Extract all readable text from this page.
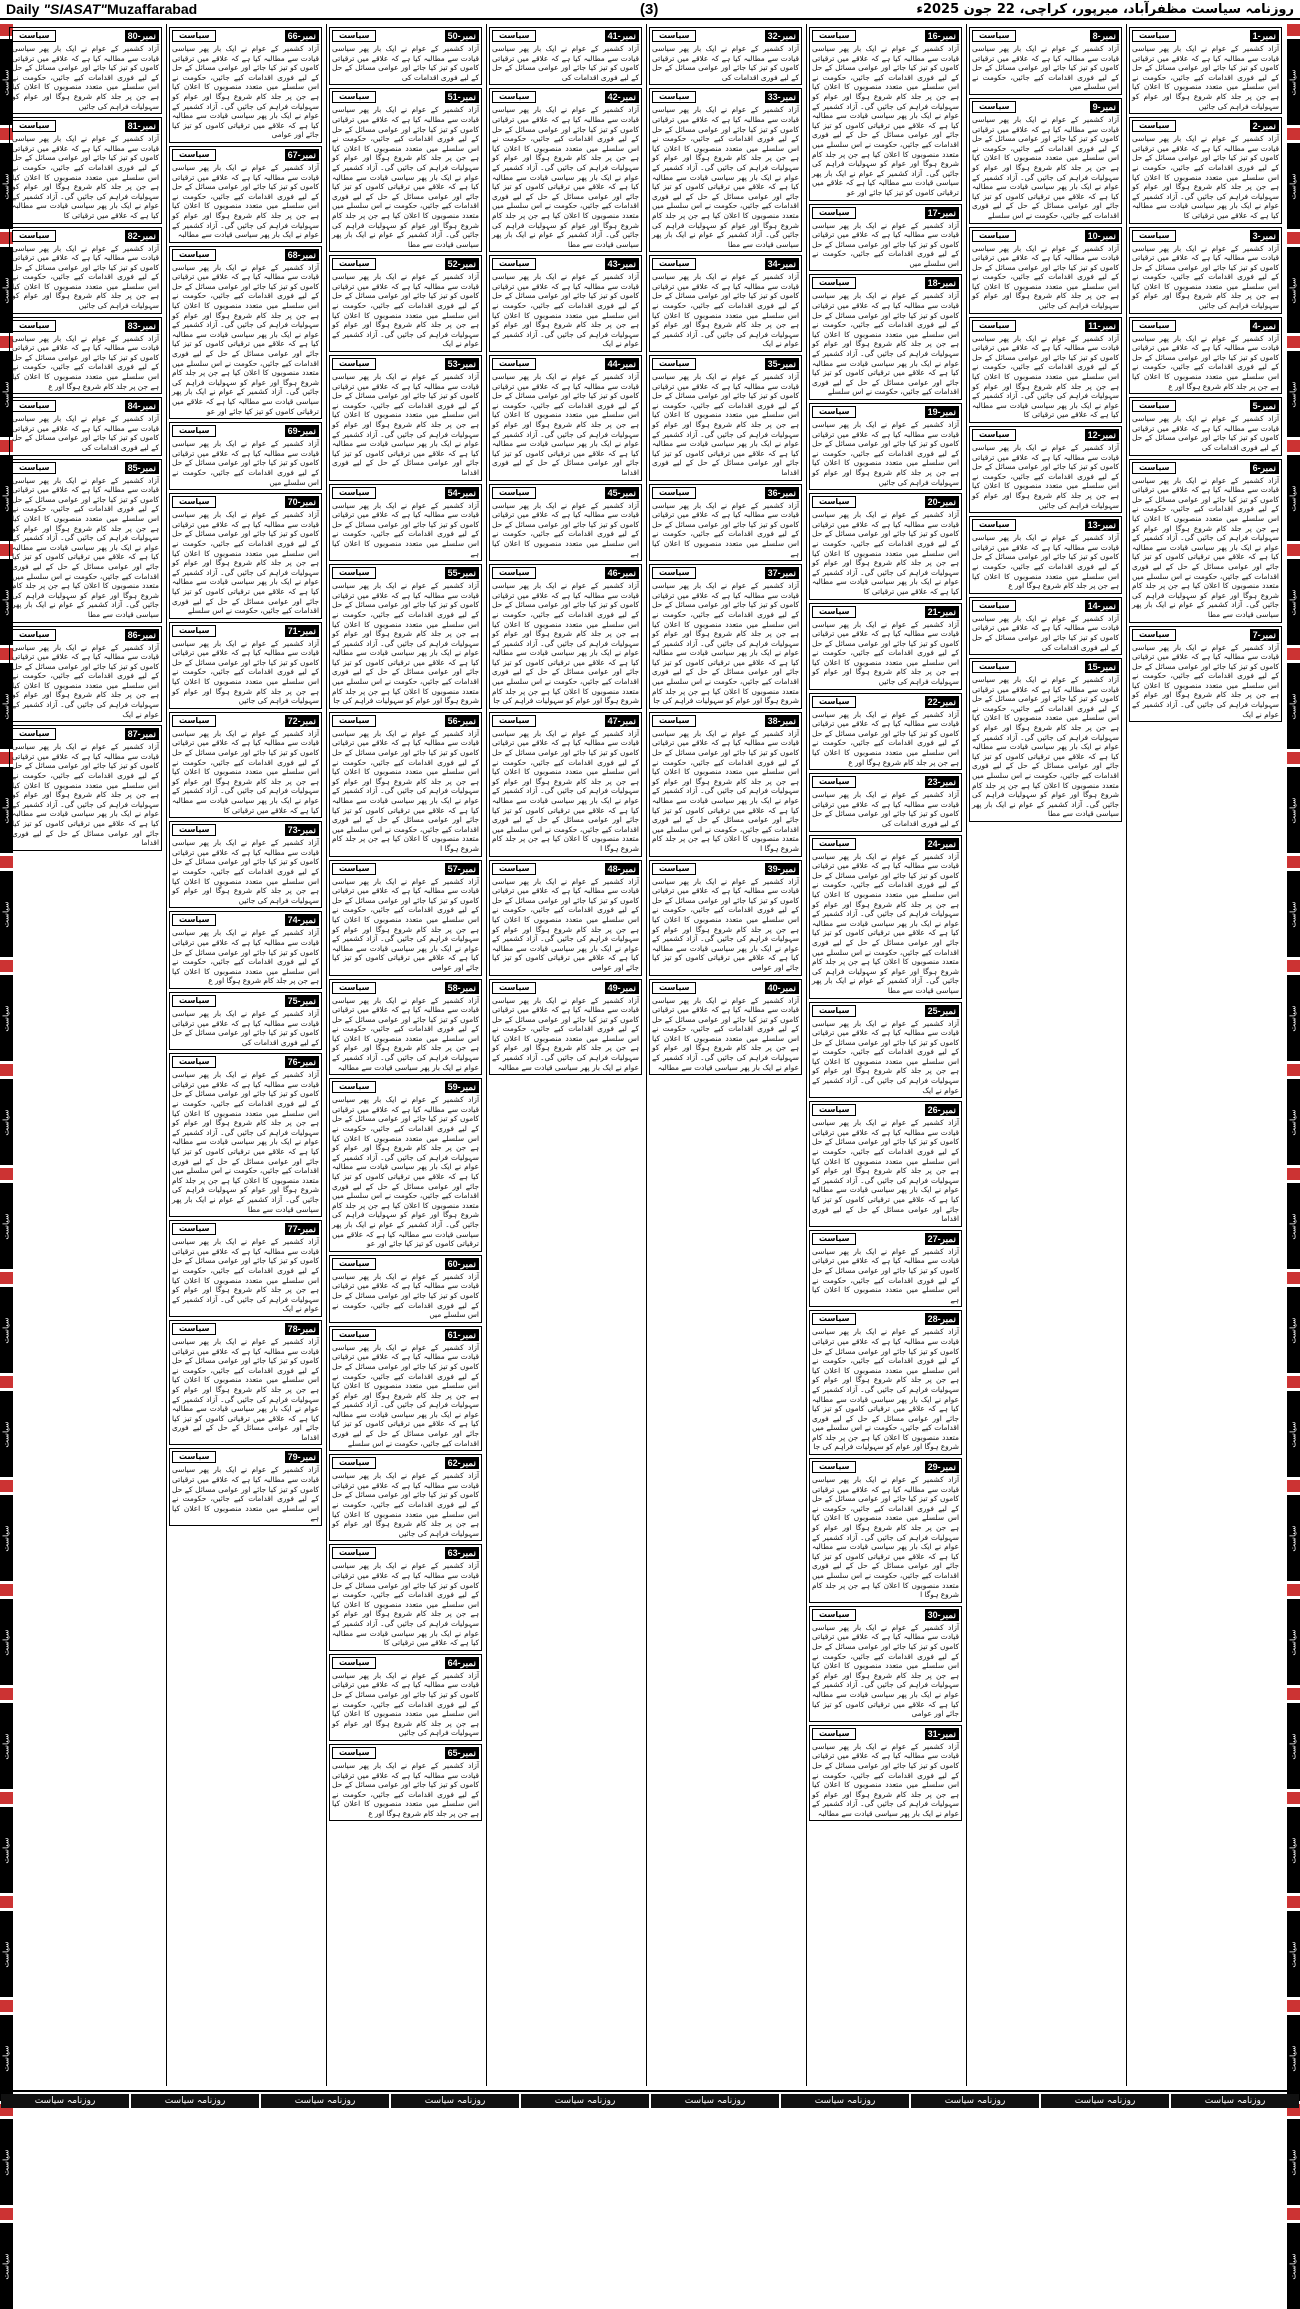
Daily "SIASAT"Muzaffarabad	(3)	روزنامہ سیاست مظفرآباد، میرپور، کراچی، 22 جون 2025ء
سیاست
سیاست
سیاست
سیاست
سیاست
سیاست
سیاست
سیاست
سیاست
سیاست
سیاست
سیاست
سیاست
سیاست
سیاست
سیاست
سیاست
سیاست
سیاست
سیاست
سیاست
سیاست
سیاست
سیاست
سیاست
سیاست
سیاست
سیاست
سیاست
سیاست
سیاست
سیاست
سیاست
سیاست
سیاست
سیاست
سیاست
سیاست
سیاست
سیاست
سیاست
سیاست
سیاست
سیاست
سیاست	نمبر-1
آزاد کشمیر کے عوام نے ایک بار پھر سیاسی قیادت سے مطالبہ کیا ہے کہ علاقے میں ترقیاتی کاموں کو تیز کیا جائے اور عوامی مسائل کے حل کے لیے فوری اقدامات کیے جائیں، حکومت نے اس سلسلے میں متعدد منصوبوں کا اعلان کیا ہے جن پر جلد کام شروع ہوگا اور عوام کو سہولیات فراہم کی جائیں
سیاست	نمبر-2
آزاد کشمیر کے عوام نے ایک بار پھر سیاسی قیادت سے مطالبہ کیا ہے کہ علاقے میں ترقیاتی کاموں کو تیز کیا جائے اور عوامی مسائل کے حل کے لیے فوری اقدامات کیے جائیں، حکومت نے اس سلسلے میں متعدد منصوبوں کا اعلان کیا ہے جن پر جلد کام شروع ہوگا اور عوام کو سہولیات فراہم کی جائیں گی۔ آزاد کشمیر کے عوام نے ایک بار پھر سیاسی قیادت سے مطالبہ کیا ہے کہ علاقے میں ترقیاتی کا
سیاست	نمبر-3
آزاد کشمیر کے عوام نے ایک بار پھر سیاسی قیادت سے مطالبہ کیا ہے کہ علاقے میں ترقیاتی کاموں کو تیز کیا جائے اور عوامی مسائل کے حل کے لیے فوری اقدامات کیے جائیں، حکومت نے اس سلسلے میں متعدد منصوبوں کا اعلان کیا ہے جن پر جلد کام شروع ہوگا اور عوام کو سہولیات فراہم کی جائیں
سیاست	نمبر-4
آزاد کشمیر کے عوام نے ایک بار پھر سیاسی قیادت سے مطالبہ کیا ہے کہ علاقے میں ترقیاتی کاموں کو تیز کیا جائے اور عوامی مسائل کے حل کے لیے فوری اقدامات کیے جائیں، حکومت نے اس سلسلے میں متعدد منصوبوں کا اعلان کیا ہے جن پر جلد کام شروع ہوگا اور ع
سیاست	نمبر-5
آزاد کشمیر کے عوام نے ایک بار پھر سیاسی قیادت سے مطالبہ کیا ہے کہ علاقے میں ترقیاتی کاموں کو تیز کیا جائے اور عوامی مسائل کے حل کے لیے فوری اقدامات کی
سیاست	نمبر-6
آزاد کشمیر کے عوام نے ایک بار پھر سیاسی قیادت سے مطالبہ کیا ہے کہ علاقے میں ترقیاتی کاموں کو تیز کیا جائے اور عوامی مسائل کے حل کے لیے فوری اقدامات کیے جائیں، حکومت نے اس سلسلے میں متعدد منصوبوں کا اعلان کیا ہے جن پر جلد کام شروع ہوگا اور عوام کو سہولیات فراہم کی جائیں گی۔ آزاد کشمیر کے عوام نے ایک بار پھر سیاسی قیادت سے مطالبہ کیا ہے کہ علاقے میں ترقیاتی کاموں کو تیز کیا جائے اور عوامی مسائل کے حل کے لیے فوری اقدامات کیے جائیں، حکومت نے اس سلسلے میں متعدد منصوبوں کا اعلان کیا ہے جن پر جلد کام شروع ہوگا اور عوام کو سہولیات فراہم کی جائیں گی۔ آزاد کشمیر کے عوام نے ایک بار پھر سیاسی قیادت سے مطا
سیاست	نمبر-7
آزاد کشمیر کے عوام نے ایک بار پھر سیاسی قیادت سے مطالبہ کیا ہے کہ علاقے میں ترقیاتی کاموں کو تیز کیا جائے اور عوامی مسائل کے حل کے لیے فوری اقدامات کیے جائیں، حکومت نے اس سلسلے میں متعدد منصوبوں کا اعلان کیا ہے جن پر جلد کام شروع ہوگا اور عوام کو سہولیات فراہم کی جائیں گی۔ آزاد کشمیر کے عوام نے ایک
سیاست	نمبر-8
آزاد کشمیر کے عوام نے ایک بار پھر سیاسی قیادت سے مطالبہ کیا ہے کہ علاقے میں ترقیاتی کاموں کو تیز کیا جائے اور عوامی مسائل کے حل کے لیے فوری اقدامات کیے جائیں، حکومت نے اس سلسلے میں
سیاست	نمبر-9
آزاد کشمیر کے عوام نے ایک بار پھر سیاسی قیادت سے مطالبہ کیا ہے کہ علاقے میں ترقیاتی کاموں کو تیز کیا جائے اور عوامی مسائل کے حل کے لیے فوری اقدامات کیے جائیں، حکومت نے اس سلسلے میں متعدد منصوبوں کا اعلان کیا ہے جن پر جلد کام شروع ہوگا اور عوام کو سہولیات فراہم کی جائیں گی۔ آزاد کشمیر کے عوام نے ایک بار پھر سیاسی قیادت سے مطالبہ کیا ہے کہ علاقے میں ترقیاتی کاموں کو تیز کیا جائے اور عوامی مسائل کے حل کے لیے فوری اقدامات کیے جائیں، حکومت نے اس سلسلے
سیاست	نمبر-10
آزاد کشمیر کے عوام نے ایک بار پھر سیاسی قیادت سے مطالبہ کیا ہے کہ علاقے میں ترقیاتی کاموں کو تیز کیا جائے اور عوامی مسائل کے حل کے لیے فوری اقدامات کیے جائیں، حکومت نے اس سلسلے میں متعدد منصوبوں کا اعلان کیا ہے جن پر جلد کام شروع ہوگا اور عوام کو سہولیات فراہم کی جائیں
سیاست	نمبر-11
آزاد کشمیر کے عوام نے ایک بار پھر سیاسی قیادت سے مطالبہ کیا ہے کہ علاقے میں ترقیاتی کاموں کو تیز کیا جائے اور عوامی مسائل کے حل کے لیے فوری اقدامات کیے جائیں، حکومت نے اس سلسلے میں متعدد منصوبوں کا اعلان کیا ہے جن پر جلد کام شروع ہوگا اور عوام کو سہولیات فراہم کی جائیں گی۔ آزاد کشمیر کے عوام نے ایک بار پھر سیاسی قیادت سے مطالبہ کیا ہے کہ علاقے میں ترقیاتی کا
سیاست	نمبر-12
آزاد کشمیر کے عوام نے ایک بار پھر سیاسی قیادت سے مطالبہ کیا ہے کہ علاقے میں ترقیاتی کاموں کو تیز کیا جائے اور عوامی مسائل کے حل کے لیے فوری اقدامات کیے جائیں، حکومت نے اس سلسلے میں متعدد منصوبوں کا اعلان کیا ہے جن پر جلد کام شروع ہوگا اور عوام کو سہولیات فراہم کی جائیں
سیاست	نمبر-13
آزاد کشمیر کے عوام نے ایک بار پھر سیاسی قیادت سے مطالبہ کیا ہے کہ علاقے میں ترقیاتی کاموں کو تیز کیا جائے اور عوامی مسائل کے حل کے لیے فوری اقدامات کیے جائیں، حکومت نے اس سلسلے میں متعدد منصوبوں کا اعلان کیا ہے جن پر جلد کام شروع ہوگا اور ع
سیاست	نمبر-14
آزاد کشمیر کے عوام نے ایک بار پھر سیاسی قیادت سے مطالبہ کیا ہے کہ علاقے میں ترقیاتی کاموں کو تیز کیا جائے اور عوامی مسائل کے حل کے لیے فوری اقدامات کی
سیاست	نمبر-15
آزاد کشمیر کے عوام نے ایک بار پھر سیاسی قیادت سے مطالبہ کیا ہے کہ علاقے میں ترقیاتی کاموں کو تیز کیا جائے اور عوامی مسائل کے حل کے لیے فوری اقدامات کیے جائیں، حکومت نے اس سلسلے میں متعدد منصوبوں کا اعلان کیا ہے جن پر جلد کام شروع ہوگا اور عوام کو سہولیات فراہم کی جائیں گی۔ آزاد کشمیر کے عوام نے ایک بار پھر سیاسی قیادت سے مطالبہ کیا ہے کہ علاقے میں ترقیاتی کاموں کو تیز کیا جائے اور عوامی مسائل کے حل کے لیے فوری اقدامات کیے جائیں، حکومت نے اس سلسلے میں متعدد منصوبوں کا اعلان کیا ہے جن پر جلد کام شروع ہوگا اور عوام کو سہولیات فراہم کی جائیں گی۔ آزاد کشمیر کے عوام نے ایک بار پھر سیاسی قیادت سے مطا
سیاست	نمبر-16
آزاد کشمیر کے عوام نے ایک بار پھر سیاسی قیادت سے مطالبہ کیا ہے کہ علاقے میں ترقیاتی کاموں کو تیز کیا جائے اور عوامی مسائل کے حل کے لیے فوری اقدامات کیے جائیں، حکومت نے اس سلسلے میں متعدد منصوبوں کا اعلان کیا ہے جن پر جلد کام شروع ہوگا اور عوام کو سہولیات فراہم کی جائیں گی۔ آزاد کشمیر کے عوام نے ایک بار پھر سیاسی قیادت سے مطالبہ کیا ہے کہ علاقے میں ترقیاتی کاموں کو تیز کیا جائے اور عوامی مسائل کے حل کے لیے فوری اقدامات کیے جائیں، حکومت نے اس سلسلے میں متعدد منصوبوں کا اعلان کیا ہے جن پر جلد کام شروع ہوگا اور عوام کو سہولیات فراہم کی جائیں گی۔ آزاد کشمیر کے عوام نے ایک بار پھر سیاسی قیادت سے مطالبہ کیا ہے کہ علاقے میں ترقیاتی کاموں کو تیز کیا جائے اور عو
سیاست	نمبر-17
آزاد کشمیر کے عوام نے ایک بار پھر سیاسی قیادت سے مطالبہ کیا ہے کہ علاقے میں ترقیاتی کاموں کو تیز کیا جائے اور عوامی مسائل کے حل کے لیے فوری اقدامات کیے جائیں، حکومت نے اس سلسلے میں
سیاست	نمبر-18
آزاد کشمیر کے عوام نے ایک بار پھر سیاسی قیادت سے مطالبہ کیا ہے کہ علاقے میں ترقیاتی کاموں کو تیز کیا جائے اور عوامی مسائل کے حل کے لیے فوری اقدامات کیے جائیں، حکومت نے اس سلسلے میں متعدد منصوبوں کا اعلان کیا ہے جن پر جلد کام شروع ہوگا اور عوام کو سہولیات فراہم کی جائیں گی۔ آزاد کشمیر کے عوام نے ایک بار پھر سیاسی قیادت سے مطالبہ کیا ہے کہ علاقے میں ترقیاتی کاموں کو تیز کیا جائے اور عوامی مسائل کے حل کے لیے فوری اقدامات کیے جائیں، حکومت نے اس سلسلے
سیاست	نمبر-19
آزاد کشمیر کے عوام نے ایک بار پھر سیاسی قیادت سے مطالبہ کیا ہے کہ علاقے میں ترقیاتی کاموں کو تیز کیا جائے اور عوامی مسائل کے حل کے لیے فوری اقدامات کیے جائیں، حکومت نے اس سلسلے میں متعدد منصوبوں کا اعلان کیا ہے جن پر جلد کام شروع ہوگا اور عوام کو سہولیات فراہم کی جائیں
سیاست	نمبر-20
آزاد کشمیر کے عوام نے ایک بار پھر سیاسی قیادت سے مطالبہ کیا ہے کہ علاقے میں ترقیاتی کاموں کو تیز کیا جائے اور عوامی مسائل کے حل کے لیے فوری اقدامات کیے جائیں، حکومت نے اس سلسلے میں متعدد منصوبوں کا اعلان کیا ہے جن پر جلد کام شروع ہوگا اور عوام کو سہولیات فراہم کی جائیں گی۔ آزاد کشمیر کے عوام نے ایک بار پھر سیاسی قیادت سے مطالبہ کیا ہے کہ علاقے میں ترقیاتی کا
سیاست	نمبر-21
آزاد کشمیر کے عوام نے ایک بار پھر سیاسی قیادت سے مطالبہ کیا ہے کہ علاقے میں ترقیاتی کاموں کو تیز کیا جائے اور عوامی مسائل کے حل کے لیے فوری اقدامات کیے جائیں، حکومت نے اس سلسلے میں متعدد منصوبوں کا اعلان کیا ہے جن پر جلد کام شروع ہوگا اور عوام کو سہولیات فراہم کی جائیں
سیاست	نمبر-22
آزاد کشمیر کے عوام نے ایک بار پھر سیاسی قیادت سے مطالبہ کیا ہے کہ علاقے میں ترقیاتی کاموں کو تیز کیا جائے اور عوامی مسائل کے حل کے لیے فوری اقدامات کیے جائیں، حکومت نے اس سلسلے میں متعدد منصوبوں کا اعلان کیا ہے جن پر جلد کام شروع ہوگا اور ع
سیاست	نمبر-23
آزاد کشمیر کے عوام نے ایک بار پھر سیاسی قیادت سے مطالبہ کیا ہے کہ علاقے میں ترقیاتی کاموں کو تیز کیا جائے اور عوامی مسائل کے حل کے لیے فوری اقدامات کی
سیاست	نمبر-24
آزاد کشمیر کے عوام نے ایک بار پھر سیاسی قیادت سے مطالبہ کیا ہے کہ علاقے میں ترقیاتی کاموں کو تیز کیا جائے اور عوامی مسائل کے حل کے لیے فوری اقدامات کیے جائیں، حکومت نے اس سلسلے میں متعدد منصوبوں کا اعلان کیا ہے جن پر جلد کام شروع ہوگا اور عوام کو سہولیات فراہم کی جائیں گی۔ آزاد کشمیر کے عوام نے ایک بار پھر سیاسی قیادت سے مطالبہ کیا ہے کہ علاقے میں ترقیاتی کاموں کو تیز کیا جائے اور عوامی مسائل کے حل کے لیے فوری اقدامات کیے جائیں، حکومت نے اس سلسلے میں متعدد منصوبوں کا اعلان کیا ہے جن پر جلد کام شروع ہوگا اور عوام کو سہولیات فراہم کی جائیں گی۔ آزاد کشمیر کے عوام نے ایک بار پھر سیاسی قیادت سے مطا
سیاست	نمبر-25
آزاد کشمیر کے عوام نے ایک بار پھر سیاسی قیادت سے مطالبہ کیا ہے کہ علاقے میں ترقیاتی کاموں کو تیز کیا جائے اور عوامی مسائل کے حل کے لیے فوری اقدامات کیے جائیں، حکومت نے اس سلسلے میں متعدد منصوبوں کا اعلان کیا ہے جن پر جلد کام شروع ہوگا اور عوام کو سہولیات فراہم کی جائیں گی۔ آزاد کشمیر کے عوام نے ایک
سیاست	نمبر-26
آزاد کشمیر کے عوام نے ایک بار پھر سیاسی قیادت سے مطالبہ کیا ہے کہ علاقے میں ترقیاتی کاموں کو تیز کیا جائے اور عوامی مسائل کے حل کے لیے فوری اقدامات کیے جائیں، حکومت نے اس سلسلے میں متعدد منصوبوں کا اعلان کیا ہے جن پر جلد کام شروع ہوگا اور عوام کو سہولیات فراہم کی جائیں گی۔ آزاد کشمیر کے عوام نے ایک بار پھر سیاسی قیادت سے مطالبہ کیا ہے کہ علاقے میں ترقیاتی کاموں کو تیز کیا جائے اور عوامی مسائل کے حل کے لیے فوری اقداما
سیاست	نمبر-27
آزاد کشمیر کے عوام نے ایک بار پھر سیاسی قیادت سے مطالبہ کیا ہے کہ علاقے میں ترقیاتی کاموں کو تیز کیا جائے اور عوامی مسائل کے حل کے لیے فوری اقدامات کیے جائیں، حکومت نے اس سلسلے میں متعدد منصوبوں کا اعلان کیا ہے
سیاست	نمبر-28
آزاد کشمیر کے عوام نے ایک بار پھر سیاسی قیادت سے مطالبہ کیا ہے کہ علاقے میں ترقیاتی کاموں کو تیز کیا جائے اور عوامی مسائل کے حل کے لیے فوری اقدامات کیے جائیں، حکومت نے اس سلسلے میں متعدد منصوبوں کا اعلان کیا ہے جن پر جلد کام شروع ہوگا اور عوام کو سہولیات فراہم کی جائیں گی۔ آزاد کشمیر کے عوام نے ایک بار پھر سیاسی قیادت سے مطالبہ کیا ہے کہ علاقے میں ترقیاتی کاموں کو تیز کیا جائے اور عوامی مسائل کے حل کے لیے فوری اقدامات کیے جائیں، حکومت نے اس سلسلے میں متعدد منصوبوں کا اعلان کیا ہے جن پر جلد کام شروع ہوگا اور عوام کو سہولیات فراہم کی جا
سیاست	نمبر-29
آزاد کشمیر کے عوام نے ایک بار پھر سیاسی قیادت سے مطالبہ کیا ہے کہ علاقے میں ترقیاتی کاموں کو تیز کیا جائے اور عوامی مسائل کے حل کے لیے فوری اقدامات کیے جائیں، حکومت نے اس سلسلے میں متعدد منصوبوں کا اعلان کیا ہے جن پر جلد کام شروع ہوگا اور عوام کو سہولیات فراہم کی جائیں گی۔ آزاد کشمیر کے عوام نے ایک بار پھر سیاسی قیادت سے مطالبہ کیا ہے کہ علاقے میں ترقیاتی کاموں کو تیز کیا جائے اور عوامی مسائل کے حل کے لیے فوری اقدامات کیے جائیں، حکومت نے اس سلسلے میں متعدد منصوبوں کا اعلان کیا ہے جن پر جلد کام شروع ہوگا ا
سیاست	نمبر-30
آزاد کشمیر کے عوام نے ایک بار پھر سیاسی قیادت سے مطالبہ کیا ہے کہ علاقے میں ترقیاتی کاموں کو تیز کیا جائے اور عوامی مسائل کے حل کے لیے فوری اقدامات کیے جائیں، حکومت نے اس سلسلے میں متعدد منصوبوں کا اعلان کیا ہے جن پر جلد کام شروع ہوگا اور عوام کو سہولیات فراہم کی جائیں گی۔ آزاد کشمیر کے عوام نے ایک بار پھر سیاسی قیادت سے مطالبہ کیا ہے کہ علاقے میں ترقیاتی کاموں کو تیز کیا جائے اور عوامی
سیاست	نمبر-31
آزاد کشمیر کے عوام نے ایک بار پھر سیاسی قیادت سے مطالبہ کیا ہے کہ علاقے میں ترقیاتی کاموں کو تیز کیا جائے اور عوامی مسائل کے حل کے لیے فوری اقدامات کیے جائیں، حکومت نے اس سلسلے میں متعدد منصوبوں کا اعلان کیا ہے جن پر جلد کام شروع ہوگا اور عوام کو سہولیات فراہم کی جائیں گی۔ آزاد کشمیر کے عوام نے ایک بار پھر سیاسی قیادت سے مطالبہ
سیاست	نمبر-32
آزاد کشمیر کے عوام نے ایک بار پھر سیاسی قیادت سے مطالبہ کیا ہے کہ علاقے میں ترقیاتی کاموں کو تیز کیا جائے اور عوامی مسائل کے حل کے لیے فوری اقدامات کی
سیاست	نمبر-33
آزاد کشمیر کے عوام نے ایک بار پھر سیاسی قیادت سے مطالبہ کیا ہے کہ علاقے میں ترقیاتی کاموں کو تیز کیا جائے اور عوامی مسائل کے حل کے لیے فوری اقدامات کیے جائیں، حکومت نے اس سلسلے میں متعدد منصوبوں کا اعلان کیا ہے جن پر جلد کام شروع ہوگا اور عوام کو سہولیات فراہم کی جائیں گی۔ آزاد کشمیر کے عوام نے ایک بار پھر سیاسی قیادت سے مطالبہ کیا ہے کہ علاقے میں ترقیاتی کاموں کو تیز کیا جائے اور عوامی مسائل کے حل کے لیے فوری اقدامات کیے جائیں، حکومت نے اس سلسلے میں متعدد منصوبوں کا اعلان کیا ہے جن پر جلد کام شروع ہوگا اور عوام کو سہولیات فراہم کی جائیں گی۔ آزاد کشمیر کے عوام نے ایک بار پھر سیاسی قیادت سے مطا
سیاست	نمبر-34
آزاد کشمیر کے عوام نے ایک بار پھر سیاسی قیادت سے مطالبہ کیا ہے کہ علاقے میں ترقیاتی کاموں کو تیز کیا جائے اور عوامی مسائل کے حل کے لیے فوری اقدامات کیے جائیں، حکومت نے اس سلسلے میں متعدد منصوبوں کا اعلان کیا ہے جن پر جلد کام شروع ہوگا اور عوام کو سہولیات فراہم کی جائیں گی۔ آزاد کشمیر کے عوام نے ایک
سیاست	نمبر-35
آزاد کشمیر کے عوام نے ایک بار پھر سیاسی قیادت سے مطالبہ کیا ہے کہ علاقے میں ترقیاتی کاموں کو تیز کیا جائے اور عوامی مسائل کے حل کے لیے فوری اقدامات کیے جائیں، حکومت نے اس سلسلے میں متعدد منصوبوں کا اعلان کیا ہے جن پر جلد کام شروع ہوگا اور عوام کو سہولیات فراہم کی جائیں گی۔ آزاد کشمیر کے عوام نے ایک بار پھر سیاسی قیادت سے مطالبہ کیا ہے کہ علاقے میں ترقیاتی کاموں کو تیز کیا جائے اور عوامی مسائل کے حل کے لیے فوری اقداما
سیاست	نمبر-36
آزاد کشمیر کے عوام نے ایک بار پھر سیاسی قیادت سے مطالبہ کیا ہے کہ علاقے میں ترقیاتی کاموں کو تیز کیا جائے اور عوامی مسائل کے حل کے لیے فوری اقدامات کیے جائیں، حکومت نے اس سلسلے میں متعدد منصوبوں کا اعلان کیا ہے
سیاست	نمبر-37
آزاد کشمیر کے عوام نے ایک بار پھر سیاسی قیادت سے مطالبہ کیا ہے کہ علاقے میں ترقیاتی کاموں کو تیز کیا جائے اور عوامی مسائل کے حل کے لیے فوری اقدامات کیے جائیں، حکومت نے اس سلسلے میں متعدد منصوبوں کا اعلان کیا ہے جن پر جلد کام شروع ہوگا اور عوام کو سہولیات فراہم کی جائیں گی۔ آزاد کشمیر کے عوام نے ایک بار پھر سیاسی قیادت سے مطالبہ کیا ہے کہ علاقے میں ترقیاتی کاموں کو تیز کیا جائے اور عوامی مسائل کے حل کے لیے فوری اقدامات کیے جائیں، حکومت نے اس سلسلے میں متعدد منصوبوں کا اعلان کیا ہے جن پر جلد کام شروع ہوگا اور عوام کو سہولیات فراہم کی جا
سیاست	نمبر-38
آزاد کشمیر کے عوام نے ایک بار پھر سیاسی قیادت سے مطالبہ کیا ہے کہ علاقے میں ترقیاتی کاموں کو تیز کیا جائے اور عوامی مسائل کے حل کے لیے فوری اقدامات کیے جائیں، حکومت نے اس سلسلے میں متعدد منصوبوں کا اعلان کیا ہے جن پر جلد کام شروع ہوگا اور عوام کو سہولیات فراہم کی جائیں گی۔ آزاد کشمیر کے عوام نے ایک بار پھر سیاسی قیادت سے مطالبہ کیا ہے کہ علاقے میں ترقیاتی کاموں کو تیز کیا جائے اور عوامی مسائل کے حل کے لیے فوری اقدامات کیے جائیں، حکومت نے اس سلسلے میں متعدد منصوبوں کا اعلان کیا ہے جن پر جلد کام شروع ہوگا ا
سیاست	نمبر-39
آزاد کشمیر کے عوام نے ایک بار پھر سیاسی قیادت سے مطالبہ کیا ہے کہ علاقے میں ترقیاتی کاموں کو تیز کیا جائے اور عوامی مسائل کے حل کے لیے فوری اقدامات کیے جائیں، حکومت نے اس سلسلے میں متعدد منصوبوں کا اعلان کیا ہے جن پر جلد کام شروع ہوگا اور عوام کو سہولیات فراہم کی جائیں گی۔ آزاد کشمیر کے عوام نے ایک بار پھر سیاسی قیادت سے مطالبہ کیا ہے کہ علاقے میں ترقیاتی کاموں کو تیز کیا جائے اور عوامی
سیاست	نمبر-40
آزاد کشمیر کے عوام نے ایک بار پھر سیاسی قیادت سے مطالبہ کیا ہے کہ علاقے میں ترقیاتی کاموں کو تیز کیا جائے اور عوامی مسائل کے حل کے لیے فوری اقدامات کیے جائیں، حکومت نے اس سلسلے میں متعدد منصوبوں کا اعلان کیا ہے جن پر جلد کام شروع ہوگا اور عوام کو سہولیات فراہم کی جائیں گی۔ آزاد کشمیر کے عوام نے ایک بار پھر سیاسی قیادت سے مطالبہ
سیاست	نمبر-41
آزاد کشمیر کے عوام نے ایک بار پھر سیاسی قیادت سے مطالبہ کیا ہے کہ علاقے میں ترقیاتی کاموں کو تیز کیا جائے اور عوامی مسائل کے حل کے لیے فوری اقدامات کی
سیاست	نمبر-42
آزاد کشمیر کے عوام نے ایک بار پھر سیاسی قیادت سے مطالبہ کیا ہے کہ علاقے میں ترقیاتی کاموں کو تیز کیا جائے اور عوامی مسائل کے حل کے لیے فوری اقدامات کیے جائیں، حکومت نے اس سلسلے میں متعدد منصوبوں کا اعلان کیا ہے جن پر جلد کام شروع ہوگا اور عوام کو سہولیات فراہم کی جائیں گی۔ آزاد کشمیر کے عوام نے ایک بار پھر سیاسی قیادت سے مطالبہ کیا ہے کہ علاقے میں ترقیاتی کاموں کو تیز کیا جائے اور عوامی مسائل کے حل کے لیے فوری اقدامات کیے جائیں، حکومت نے اس سلسلے میں متعدد منصوبوں کا اعلان کیا ہے جن پر جلد کام شروع ہوگا اور عوام کو سہولیات فراہم کی جائیں گی۔ آزاد کشمیر کے عوام نے ایک بار پھر سیاسی قیادت سے مطا
سیاست	نمبر-43
آزاد کشمیر کے عوام نے ایک بار پھر سیاسی قیادت سے مطالبہ کیا ہے کہ علاقے میں ترقیاتی کاموں کو تیز کیا جائے اور عوامی مسائل کے حل کے لیے فوری اقدامات کیے جائیں، حکومت نے اس سلسلے میں متعدد منصوبوں کا اعلان کیا ہے جن پر جلد کام شروع ہوگا اور عوام کو سہولیات فراہم کی جائیں گی۔ آزاد کشمیر کے عوام نے ایک
سیاست	نمبر-44
آزاد کشمیر کے عوام نے ایک بار پھر سیاسی قیادت سے مطالبہ کیا ہے کہ علاقے میں ترقیاتی کاموں کو تیز کیا جائے اور عوامی مسائل کے حل کے لیے فوری اقدامات کیے جائیں، حکومت نے اس سلسلے میں متعدد منصوبوں کا اعلان کیا ہے جن پر جلد کام شروع ہوگا اور عوام کو سہولیات فراہم کی جائیں گی۔ آزاد کشمیر کے عوام نے ایک بار پھر سیاسی قیادت سے مطالبہ کیا ہے کہ علاقے میں ترقیاتی کاموں کو تیز کیا جائے اور عوامی مسائل کے حل کے لیے فوری اقداما
سیاست	نمبر-45
آزاد کشمیر کے عوام نے ایک بار پھر سیاسی قیادت سے مطالبہ کیا ہے کہ علاقے میں ترقیاتی کاموں کو تیز کیا جائے اور عوامی مسائل کے حل کے لیے فوری اقدامات کیے جائیں، حکومت نے اس سلسلے میں متعدد منصوبوں کا اعلان کیا ہے
سیاست	نمبر-46
آزاد کشمیر کے عوام نے ایک بار پھر سیاسی قیادت سے مطالبہ کیا ہے کہ علاقے میں ترقیاتی کاموں کو تیز کیا جائے اور عوامی مسائل کے حل کے لیے فوری اقدامات کیے جائیں، حکومت نے اس سلسلے میں متعدد منصوبوں کا اعلان کیا ہے جن پر جلد کام شروع ہوگا اور عوام کو سہولیات فراہم کی جائیں گی۔ آزاد کشمیر کے عوام نے ایک بار پھر سیاسی قیادت سے مطالبہ کیا ہے کہ علاقے میں ترقیاتی کاموں کو تیز کیا جائے اور عوامی مسائل کے حل کے لیے فوری اقدامات کیے جائیں، حکومت نے اس سلسلے میں متعدد منصوبوں کا اعلان کیا ہے جن پر جلد کام شروع ہوگا اور عوام کو سہولیات فراہم کی جا
سیاست	نمبر-47
آزاد کشمیر کے عوام نے ایک بار پھر سیاسی قیادت سے مطالبہ کیا ہے کہ علاقے میں ترقیاتی کاموں کو تیز کیا جائے اور عوامی مسائل کے حل کے لیے فوری اقدامات کیے جائیں، حکومت نے اس سلسلے میں متعدد منصوبوں کا اعلان کیا ہے جن پر جلد کام شروع ہوگا اور عوام کو سہولیات فراہم کی جائیں گی۔ آزاد کشمیر کے عوام نے ایک بار پھر سیاسی قیادت سے مطالبہ کیا ہے کہ علاقے میں ترقیاتی کاموں کو تیز کیا جائے اور عوامی مسائل کے حل کے لیے فوری اقدامات کیے جائیں، حکومت نے اس سلسلے میں متعدد منصوبوں کا اعلان کیا ہے جن پر جلد کام شروع ہوگا ا
سیاست	نمبر-48
آزاد کشمیر کے عوام نے ایک بار پھر سیاسی قیادت سے مطالبہ کیا ہے کہ علاقے میں ترقیاتی کاموں کو تیز کیا جائے اور عوامی مسائل کے حل کے لیے فوری اقدامات کیے جائیں، حکومت نے اس سلسلے میں متعدد منصوبوں کا اعلان کیا ہے جن پر جلد کام شروع ہوگا اور عوام کو سہولیات فراہم کی جائیں گی۔ آزاد کشمیر کے عوام نے ایک بار پھر سیاسی قیادت سے مطالبہ کیا ہے کہ علاقے میں ترقیاتی کاموں کو تیز کیا جائے اور عوامی
سیاست	نمبر-49
آزاد کشمیر کے عوام نے ایک بار پھر سیاسی قیادت سے مطالبہ کیا ہے کہ علاقے میں ترقیاتی کاموں کو تیز کیا جائے اور عوامی مسائل کے حل کے لیے فوری اقدامات کیے جائیں، حکومت نے اس سلسلے میں متعدد منصوبوں کا اعلان کیا ہے جن پر جلد کام شروع ہوگا اور عوام کو سہولیات فراہم کی جائیں گی۔ آزاد کشمیر کے عوام نے ایک بار پھر سیاسی قیادت سے مطالبہ
سیاست	نمبر-50
آزاد کشمیر کے عوام نے ایک بار پھر سیاسی قیادت سے مطالبہ کیا ہے کہ علاقے میں ترقیاتی کاموں کو تیز کیا جائے اور عوامی مسائل کے حل کے لیے فوری اقدامات کی
سیاست	نمبر-51
آزاد کشمیر کے عوام نے ایک بار پھر سیاسی قیادت سے مطالبہ کیا ہے کہ علاقے میں ترقیاتی کاموں کو تیز کیا جائے اور عوامی مسائل کے حل کے لیے فوری اقدامات کیے جائیں، حکومت نے اس سلسلے میں متعدد منصوبوں کا اعلان کیا ہے جن پر جلد کام شروع ہوگا اور عوام کو سہولیات فراہم کی جائیں گی۔ آزاد کشمیر کے عوام نے ایک بار پھر سیاسی قیادت سے مطالبہ کیا ہے کہ علاقے میں ترقیاتی کاموں کو تیز کیا جائے اور عوامی مسائل کے حل کے لیے فوری اقدامات کیے جائیں، حکومت نے اس سلسلے میں متعدد منصوبوں کا اعلان کیا ہے جن پر جلد کام شروع ہوگا اور عوام کو سہولیات فراہم کی جائیں گی۔ آزاد کشمیر کے عوام نے ایک بار پھر سیاسی قیادت سے مطا
سیاست	نمبر-52
آزاد کشمیر کے عوام نے ایک بار پھر سیاسی قیادت سے مطالبہ کیا ہے کہ علاقے میں ترقیاتی کاموں کو تیز کیا جائے اور عوامی مسائل کے حل کے لیے فوری اقدامات کیے جائیں، حکومت نے اس سلسلے میں متعدد منصوبوں کا اعلان کیا ہے جن پر جلد کام شروع ہوگا اور عوام کو سہولیات فراہم کی جائیں گی۔ آزاد کشمیر کے عوام نے ایک
سیاست	نمبر-53
آزاد کشمیر کے عوام نے ایک بار پھر سیاسی قیادت سے مطالبہ کیا ہے کہ علاقے میں ترقیاتی کاموں کو تیز کیا جائے اور عوامی مسائل کے حل کے لیے فوری اقدامات کیے جائیں، حکومت نے اس سلسلے میں متعدد منصوبوں کا اعلان کیا ہے جن پر جلد کام شروع ہوگا اور عوام کو سہولیات فراہم کی جائیں گی۔ آزاد کشمیر کے عوام نے ایک بار پھر سیاسی قیادت سے مطالبہ کیا ہے کہ علاقے میں ترقیاتی کاموں کو تیز کیا جائے اور عوامی مسائل کے حل کے لیے فوری اقداما
سیاست	نمبر-54
آزاد کشمیر کے عوام نے ایک بار پھر سیاسی قیادت سے مطالبہ کیا ہے کہ علاقے میں ترقیاتی کاموں کو تیز کیا جائے اور عوامی مسائل کے حل کے لیے فوری اقدامات کیے جائیں، حکومت نے اس سلسلے میں متعدد منصوبوں کا اعلان کیا ہے
سیاست	نمبر-55
آزاد کشمیر کے عوام نے ایک بار پھر سیاسی قیادت سے مطالبہ کیا ہے کہ علاقے میں ترقیاتی کاموں کو تیز کیا جائے اور عوامی مسائل کے حل کے لیے فوری اقدامات کیے جائیں، حکومت نے اس سلسلے میں متعدد منصوبوں کا اعلان کیا ہے جن پر جلد کام شروع ہوگا اور عوام کو سہولیات فراہم کی جائیں گی۔ آزاد کشمیر کے عوام نے ایک بار پھر سیاسی قیادت سے مطالبہ کیا ہے کہ علاقے میں ترقیاتی کاموں کو تیز کیا جائے اور عوامی مسائل کے حل کے لیے فوری اقدامات کیے جائیں، حکومت نے اس سلسلے میں متعدد منصوبوں کا اعلان کیا ہے جن پر جلد کام شروع ہوگا اور عوام کو سہولیات فراہم کی جا
سیاست	نمبر-56
آزاد کشمیر کے عوام نے ایک بار پھر سیاسی قیادت سے مطالبہ کیا ہے کہ علاقے میں ترقیاتی کاموں کو تیز کیا جائے اور عوامی مسائل کے حل کے لیے فوری اقدامات کیے جائیں، حکومت نے اس سلسلے میں متعدد منصوبوں کا اعلان کیا ہے جن پر جلد کام شروع ہوگا اور عوام کو سہولیات فراہم کی جائیں گی۔ آزاد کشمیر کے عوام نے ایک بار پھر سیاسی قیادت سے مطالبہ کیا ہے کہ علاقے میں ترقیاتی کاموں کو تیز کیا جائے اور عوامی مسائل کے حل کے لیے فوری اقدامات کیے جائیں، حکومت نے اس سلسلے میں متعدد منصوبوں کا اعلان کیا ہے جن پر جلد کام شروع ہوگا ا
سیاست	نمبر-57
آزاد کشمیر کے عوام نے ایک بار پھر سیاسی قیادت سے مطالبہ کیا ہے کہ علاقے میں ترقیاتی کاموں کو تیز کیا جائے اور عوامی مسائل کے حل کے لیے فوری اقدامات کیے جائیں، حکومت نے اس سلسلے میں متعدد منصوبوں کا اعلان کیا ہے جن پر جلد کام شروع ہوگا اور عوام کو سہولیات فراہم کی جائیں گی۔ آزاد کشمیر کے عوام نے ایک بار پھر سیاسی قیادت سے مطالبہ کیا ہے کہ علاقے میں ترقیاتی کاموں کو تیز کیا جائے اور عوامی
سیاست	نمبر-58
آزاد کشمیر کے عوام نے ایک بار پھر سیاسی قیادت سے مطالبہ کیا ہے کہ علاقے میں ترقیاتی کاموں کو تیز کیا جائے اور عوامی مسائل کے حل کے لیے فوری اقدامات کیے جائیں، حکومت نے اس سلسلے میں متعدد منصوبوں کا اعلان کیا ہے جن پر جلد کام شروع ہوگا اور عوام کو سہولیات فراہم کی جائیں گی۔ آزاد کشمیر کے عوام نے ایک بار پھر سیاسی قیادت سے مطالبہ
سیاست	نمبر-59
آزاد کشمیر کے عوام نے ایک بار پھر سیاسی قیادت سے مطالبہ کیا ہے کہ علاقے میں ترقیاتی کاموں کو تیز کیا جائے اور عوامی مسائل کے حل کے لیے فوری اقدامات کیے جائیں، حکومت نے اس سلسلے میں متعدد منصوبوں کا اعلان کیا ہے جن پر جلد کام شروع ہوگا اور عوام کو سہولیات فراہم کی جائیں گی۔ آزاد کشمیر کے عوام نے ایک بار پھر سیاسی قیادت سے مطالبہ کیا ہے کہ علاقے میں ترقیاتی کاموں کو تیز کیا جائے اور عوامی مسائل کے حل کے لیے فوری اقدامات کیے جائیں، حکومت نے اس سلسلے میں متعدد منصوبوں کا اعلان کیا ہے جن پر جلد کام شروع ہوگا اور عوام کو سہولیات فراہم کی جائیں گی۔ آزاد کشمیر کے عوام نے ایک بار پھر سیاسی قیادت سے مطالبہ کیا ہے کہ علاقے میں ترقیاتی کاموں کو تیز کیا جائے اور عو
سیاست	نمبر-60
آزاد کشمیر کے عوام نے ایک بار پھر سیاسی قیادت سے مطالبہ کیا ہے کہ علاقے میں ترقیاتی کاموں کو تیز کیا جائے اور عوامی مسائل کے حل کے لیے فوری اقدامات کیے جائیں، حکومت نے اس سلسلے میں
سیاست	نمبر-61
آزاد کشمیر کے عوام نے ایک بار پھر سیاسی قیادت سے مطالبہ کیا ہے کہ علاقے میں ترقیاتی کاموں کو تیز کیا جائے اور عوامی مسائل کے حل کے لیے فوری اقدامات کیے جائیں، حکومت نے اس سلسلے میں متعدد منصوبوں کا اعلان کیا ہے جن پر جلد کام شروع ہوگا اور عوام کو سہولیات فراہم کی جائیں گی۔ آزاد کشمیر کے عوام نے ایک بار پھر سیاسی قیادت سے مطالبہ کیا ہے کہ علاقے میں ترقیاتی کاموں کو تیز کیا جائے اور عوامی مسائل کے حل کے لیے فوری اقدامات کیے جائیں، حکومت نے اس سلسلے
سیاست	نمبر-62
آزاد کشمیر کے عوام نے ایک بار پھر سیاسی قیادت سے مطالبہ کیا ہے کہ علاقے میں ترقیاتی کاموں کو تیز کیا جائے اور عوامی مسائل کے حل کے لیے فوری اقدامات کیے جائیں، حکومت نے اس سلسلے میں متعدد منصوبوں کا اعلان کیا ہے جن پر جلد کام شروع ہوگا اور عوام کو سہولیات فراہم کی جائیں
سیاست	نمبر-63
آزاد کشمیر کے عوام نے ایک بار پھر سیاسی قیادت سے مطالبہ کیا ہے کہ علاقے میں ترقیاتی کاموں کو تیز کیا جائے اور عوامی مسائل کے حل کے لیے فوری اقدامات کیے جائیں، حکومت نے اس سلسلے میں متعدد منصوبوں کا اعلان کیا ہے جن پر جلد کام شروع ہوگا اور عوام کو سہولیات فراہم کی جائیں گی۔ آزاد کشمیر کے عوام نے ایک بار پھر سیاسی قیادت سے مطالبہ کیا ہے کہ علاقے میں ترقیاتی کا
سیاست	نمبر-64
آزاد کشمیر کے عوام نے ایک بار پھر سیاسی قیادت سے مطالبہ کیا ہے کہ علاقے میں ترقیاتی کاموں کو تیز کیا جائے اور عوامی مسائل کے حل کے لیے فوری اقدامات کیے جائیں، حکومت نے اس سلسلے میں متعدد منصوبوں کا اعلان کیا ہے جن پر جلد کام شروع ہوگا اور عوام کو سہولیات فراہم کی جائیں
سیاست	نمبر-65
آزاد کشمیر کے عوام نے ایک بار پھر سیاسی قیادت سے مطالبہ کیا ہے کہ علاقے میں ترقیاتی کاموں کو تیز کیا جائے اور عوامی مسائل کے حل کے لیے فوری اقدامات کیے جائیں، حکومت نے اس سلسلے میں متعدد منصوبوں کا اعلان کیا ہے جن پر جلد کام شروع ہوگا اور ع
سیاست	نمبر-66
آزاد کشمیر کے عوام نے ایک بار پھر سیاسی قیادت سے مطالبہ کیا ہے کہ علاقے میں ترقیاتی کاموں کو تیز کیا جائے اور عوامی مسائل کے حل کے لیے فوری اقدامات کیے جائیں، حکومت نے اس سلسلے میں متعدد منصوبوں کا اعلان کیا ہے جن پر جلد کام شروع ہوگا اور عوام کو سہولیات فراہم کی جائیں گی۔ آزاد کشمیر کے عوام نے ایک بار پھر سیاسی قیادت سے مطالبہ کیا ہے کہ علاقے میں ترقیاتی کاموں کو تیز کیا جائے اور عوامی
سیاست	نمبر-67
آزاد کشمیر کے عوام نے ایک بار پھر سیاسی قیادت سے مطالبہ کیا ہے کہ علاقے میں ترقیاتی کاموں کو تیز کیا جائے اور عوامی مسائل کے حل کے لیے فوری اقدامات کیے جائیں، حکومت نے اس سلسلے میں متعدد منصوبوں کا اعلان کیا ہے جن پر جلد کام شروع ہوگا اور عوام کو سہولیات فراہم کی جائیں گی۔ آزاد کشمیر کے عوام نے ایک بار پھر سیاسی قیادت سے مطالبہ
سیاست	نمبر-68
آزاد کشمیر کے عوام نے ایک بار پھر سیاسی قیادت سے مطالبہ کیا ہے کہ علاقے میں ترقیاتی کاموں کو تیز کیا جائے اور عوامی مسائل کے حل کے لیے فوری اقدامات کیے جائیں، حکومت نے اس سلسلے میں متعدد منصوبوں کا اعلان کیا ہے جن پر جلد کام شروع ہوگا اور عوام کو سہولیات فراہم کی جائیں گی۔ آزاد کشمیر کے عوام نے ایک بار پھر سیاسی قیادت سے مطالبہ کیا ہے کہ علاقے میں ترقیاتی کاموں کو تیز کیا جائے اور عوامی مسائل کے حل کے لیے فوری اقدامات کیے جائیں، حکومت نے اس سلسلے میں متعدد منصوبوں کا اعلان کیا ہے جن پر جلد کام شروع ہوگا اور عوام کو سہولیات فراہم کی جائیں گی۔ آزاد کشمیر کے عوام نے ایک بار پھر سیاسی قیادت سے مطالبہ کیا ہے کہ علاقے میں ترقیاتی کاموں کو تیز کیا جائے اور عو
سیاست	نمبر-69
آزاد کشمیر کے عوام نے ایک بار پھر سیاسی قیادت سے مطالبہ کیا ہے کہ علاقے میں ترقیاتی کاموں کو تیز کیا جائے اور عوامی مسائل کے حل کے لیے فوری اقدامات کیے جائیں، حکومت نے اس سلسلے میں
سیاست	نمبر-70
آزاد کشمیر کے عوام نے ایک بار پھر سیاسی قیادت سے مطالبہ کیا ہے کہ علاقے میں ترقیاتی کاموں کو تیز کیا جائے اور عوامی مسائل کے حل کے لیے فوری اقدامات کیے جائیں، حکومت نے اس سلسلے میں متعدد منصوبوں کا اعلان کیا ہے جن پر جلد کام شروع ہوگا اور عوام کو سہولیات فراہم کی جائیں گی۔ آزاد کشمیر کے عوام نے ایک بار پھر سیاسی قیادت سے مطالبہ کیا ہے کہ علاقے میں ترقیاتی کاموں کو تیز کیا جائے اور عوامی مسائل کے حل کے لیے فوری اقدامات کیے جائیں، حکومت نے اس سلسلے
سیاست	نمبر-71
آزاد کشمیر کے عوام نے ایک بار پھر سیاسی قیادت سے مطالبہ کیا ہے کہ علاقے میں ترقیاتی کاموں کو تیز کیا جائے اور عوامی مسائل کے حل کے لیے فوری اقدامات کیے جائیں، حکومت نے اس سلسلے میں متعدد منصوبوں کا اعلان کیا ہے جن پر جلد کام شروع ہوگا اور عوام کو سہولیات فراہم کی جائیں
سیاست	نمبر-72
آزاد کشمیر کے عوام نے ایک بار پھر سیاسی قیادت سے مطالبہ کیا ہے کہ علاقے میں ترقیاتی کاموں کو تیز کیا جائے اور عوامی مسائل کے حل کے لیے فوری اقدامات کیے جائیں، حکومت نے اس سلسلے میں متعدد منصوبوں کا اعلان کیا ہے جن پر جلد کام شروع ہوگا اور عوام کو سہولیات فراہم کی جائیں گی۔ آزاد کشمیر کے عوام نے ایک بار پھر سیاسی قیادت سے مطالبہ کیا ہے کہ علاقے میں ترقیاتی کا
سیاست	نمبر-73
آزاد کشمیر کے عوام نے ایک بار پھر سیاسی قیادت سے مطالبہ کیا ہے کہ علاقے میں ترقیاتی کاموں کو تیز کیا جائے اور عوامی مسائل کے حل کے لیے فوری اقدامات کیے جائیں، حکومت نے اس سلسلے میں متعدد منصوبوں کا اعلان کیا ہے جن پر جلد کام شروع ہوگا اور عوام کو سہولیات فراہم کی جائیں
سیاست	نمبر-74
آزاد کشمیر کے عوام نے ایک بار پھر سیاسی قیادت سے مطالبہ کیا ہے کہ علاقے میں ترقیاتی کاموں کو تیز کیا جائے اور عوامی مسائل کے حل کے لیے فوری اقدامات کیے جائیں، حکومت نے اس سلسلے میں متعدد منصوبوں کا اعلان کیا ہے جن پر جلد کام شروع ہوگا اور ع
سیاست	نمبر-75
آزاد کشمیر کے عوام نے ایک بار پھر سیاسی قیادت سے مطالبہ کیا ہے کہ علاقے میں ترقیاتی کاموں کو تیز کیا جائے اور عوامی مسائل کے حل کے لیے فوری اقدامات کی
سیاست	نمبر-76
آزاد کشمیر کے عوام نے ایک بار پھر سیاسی قیادت سے مطالبہ کیا ہے کہ علاقے میں ترقیاتی کاموں کو تیز کیا جائے اور عوامی مسائل کے حل کے لیے فوری اقدامات کیے جائیں، حکومت نے اس سلسلے میں متعدد منصوبوں کا اعلان کیا ہے جن پر جلد کام شروع ہوگا اور عوام کو سہولیات فراہم کی جائیں گی۔ آزاد کشمیر کے عوام نے ایک بار پھر سیاسی قیادت سے مطالبہ کیا ہے کہ علاقے میں ترقیاتی کاموں کو تیز کیا جائے اور عوامی مسائل کے حل کے لیے فوری اقدامات کیے جائیں، حکومت نے اس سلسلے میں متعدد منصوبوں کا اعلان کیا ہے جن پر جلد کام شروع ہوگا اور عوام کو سہولیات فراہم کی جائیں گی۔ آزاد کشمیر کے عوام نے ایک بار پھر سیاسی قیادت سے مطا
سیاست	نمبر-77
آزاد کشمیر کے عوام نے ایک بار پھر سیاسی قیادت سے مطالبہ کیا ہے کہ علاقے میں ترقیاتی کاموں کو تیز کیا جائے اور عوامی مسائل کے حل کے لیے فوری اقدامات کیے جائیں، حکومت نے اس سلسلے میں متعدد منصوبوں کا اعلان کیا ہے جن پر جلد کام شروع ہوگا اور عوام کو سہولیات فراہم کی جائیں گی۔ آزاد کشمیر کے عوام نے ایک
سیاست	نمبر-78
آزاد کشمیر کے عوام نے ایک بار پھر سیاسی قیادت سے مطالبہ کیا ہے کہ علاقے میں ترقیاتی کاموں کو تیز کیا جائے اور عوامی مسائل کے حل کے لیے فوری اقدامات کیے جائیں، حکومت نے اس سلسلے میں متعدد منصوبوں کا اعلان کیا ہے جن پر جلد کام شروع ہوگا اور عوام کو سہولیات فراہم کی جائیں گی۔ آزاد کشمیر کے عوام نے ایک بار پھر سیاسی قیادت سے مطالبہ کیا ہے کہ علاقے میں ترقیاتی کاموں کو تیز کیا جائے اور عوامی مسائل کے حل کے لیے فوری اقداما
سیاست	نمبر-79
آزاد کشمیر کے عوام نے ایک بار پھر سیاسی قیادت سے مطالبہ کیا ہے کہ علاقے میں ترقیاتی کاموں کو تیز کیا جائے اور عوامی مسائل کے حل کے لیے فوری اقدامات کیے جائیں، حکومت نے اس سلسلے میں متعدد منصوبوں کا اعلان کیا ہے
سیاست	نمبر-80
آزاد کشمیر کے عوام نے ایک بار پھر سیاسی قیادت سے مطالبہ کیا ہے کہ علاقے میں ترقیاتی کاموں کو تیز کیا جائے اور عوامی مسائل کے حل کے لیے فوری اقدامات کیے جائیں، حکومت نے اس سلسلے میں متعدد منصوبوں کا اعلان کیا ہے جن پر جلد کام شروع ہوگا اور عوام کو سہولیات فراہم کی جائیں
سیاست	نمبر-81
آزاد کشمیر کے عوام نے ایک بار پھر سیاسی قیادت سے مطالبہ کیا ہے کہ علاقے میں ترقیاتی کاموں کو تیز کیا جائے اور عوامی مسائل کے حل کے لیے فوری اقدامات کیے جائیں، حکومت نے اس سلسلے میں متعدد منصوبوں کا اعلان کیا ہے جن پر جلد کام شروع ہوگا اور عوام کو سہولیات فراہم کی جائیں گی۔ آزاد کشمیر کے عوام نے ایک بار پھر سیاسی قیادت سے مطالبہ کیا ہے کہ علاقے میں ترقیاتی کا
سیاست	نمبر-82
آزاد کشمیر کے عوام نے ایک بار پھر سیاسی قیادت سے مطالبہ کیا ہے کہ علاقے میں ترقیاتی کاموں کو تیز کیا جائے اور عوامی مسائل کے حل کے لیے فوری اقدامات کیے جائیں، حکومت نے اس سلسلے میں متعدد منصوبوں کا اعلان کیا ہے جن پر جلد کام شروع ہوگا اور عوام کو سہولیات فراہم کی جائیں
سیاست	نمبر-83
آزاد کشمیر کے عوام نے ایک بار پھر سیاسی قیادت سے مطالبہ کیا ہے کہ علاقے میں ترقیاتی کاموں کو تیز کیا جائے اور عوامی مسائل کے حل کے لیے فوری اقدامات کیے جائیں، حکومت نے اس سلسلے میں متعدد منصوبوں کا اعلان کیا ہے جن پر جلد کام شروع ہوگا اور ع
سیاست	نمبر-84
آزاد کشمیر کے عوام نے ایک بار پھر سیاسی قیادت سے مطالبہ کیا ہے کہ علاقے میں ترقیاتی کاموں کو تیز کیا جائے اور عوامی مسائل کے حل کے لیے فوری اقدامات کی
سیاست	نمبر-85
آزاد کشمیر کے عوام نے ایک بار پھر سیاسی قیادت سے مطالبہ کیا ہے کہ علاقے میں ترقیاتی کاموں کو تیز کیا جائے اور عوامی مسائل کے حل کے لیے فوری اقدامات کیے جائیں، حکومت نے اس سلسلے میں متعدد منصوبوں کا اعلان کیا ہے جن پر جلد کام شروع ہوگا اور عوام کو سہولیات فراہم کی جائیں گی۔ آزاد کشمیر کے عوام نے ایک بار پھر سیاسی قیادت سے مطالبہ کیا ہے کہ علاقے میں ترقیاتی کاموں کو تیز کیا جائے اور عوامی مسائل کے حل کے لیے فوری اقدامات کیے جائیں، حکومت نے اس سلسلے میں متعدد منصوبوں کا اعلان کیا ہے جن پر جلد کام شروع ہوگا اور عوام کو سہولیات فراہم کی جائیں گی۔ آزاد کشمیر کے عوام نے ایک بار پھر سیاسی قیادت سے مطا
سیاست	نمبر-86
آزاد کشمیر کے عوام نے ایک بار پھر سیاسی قیادت سے مطالبہ کیا ہے کہ علاقے میں ترقیاتی کاموں کو تیز کیا جائے اور عوامی مسائل کے حل کے لیے فوری اقدامات کیے جائیں، حکومت نے اس سلسلے میں متعدد منصوبوں کا اعلان کیا ہے جن پر جلد کام شروع ہوگا اور عوام کو سہولیات فراہم کی جائیں گی۔ آزاد کشمیر کے عوام نے ایک
سیاست	نمبر-87
آزاد کشمیر کے عوام نے ایک بار پھر سیاسی قیادت سے مطالبہ کیا ہے کہ علاقے میں ترقیاتی کاموں کو تیز کیا جائے اور عوامی مسائل کے حل کے لیے فوری اقدامات کیے جائیں، حکومت نے اس سلسلے میں متعدد منصوبوں کا اعلان کیا ہے جن پر جلد کام شروع ہوگا اور عوام کو سہولیات فراہم کی جائیں گی۔ آزاد کشمیر کے عوام نے ایک بار پھر سیاسی قیادت سے مطالبہ کیا ہے کہ علاقے میں ترقیاتی کاموں کو تیز کیا جائے اور عوامی مسائل کے حل کے لیے فوری اقداما
روزنامہ سیاست	روزنامہ سیاست	روزنامہ سیاست	روزنامہ سیاست	روزنامہ سیاست	روزنامہ سیاست	روزنامہ سیاست	روزنامہ سیاست	روزنامہ سیاست	روزنامہ سیاست
